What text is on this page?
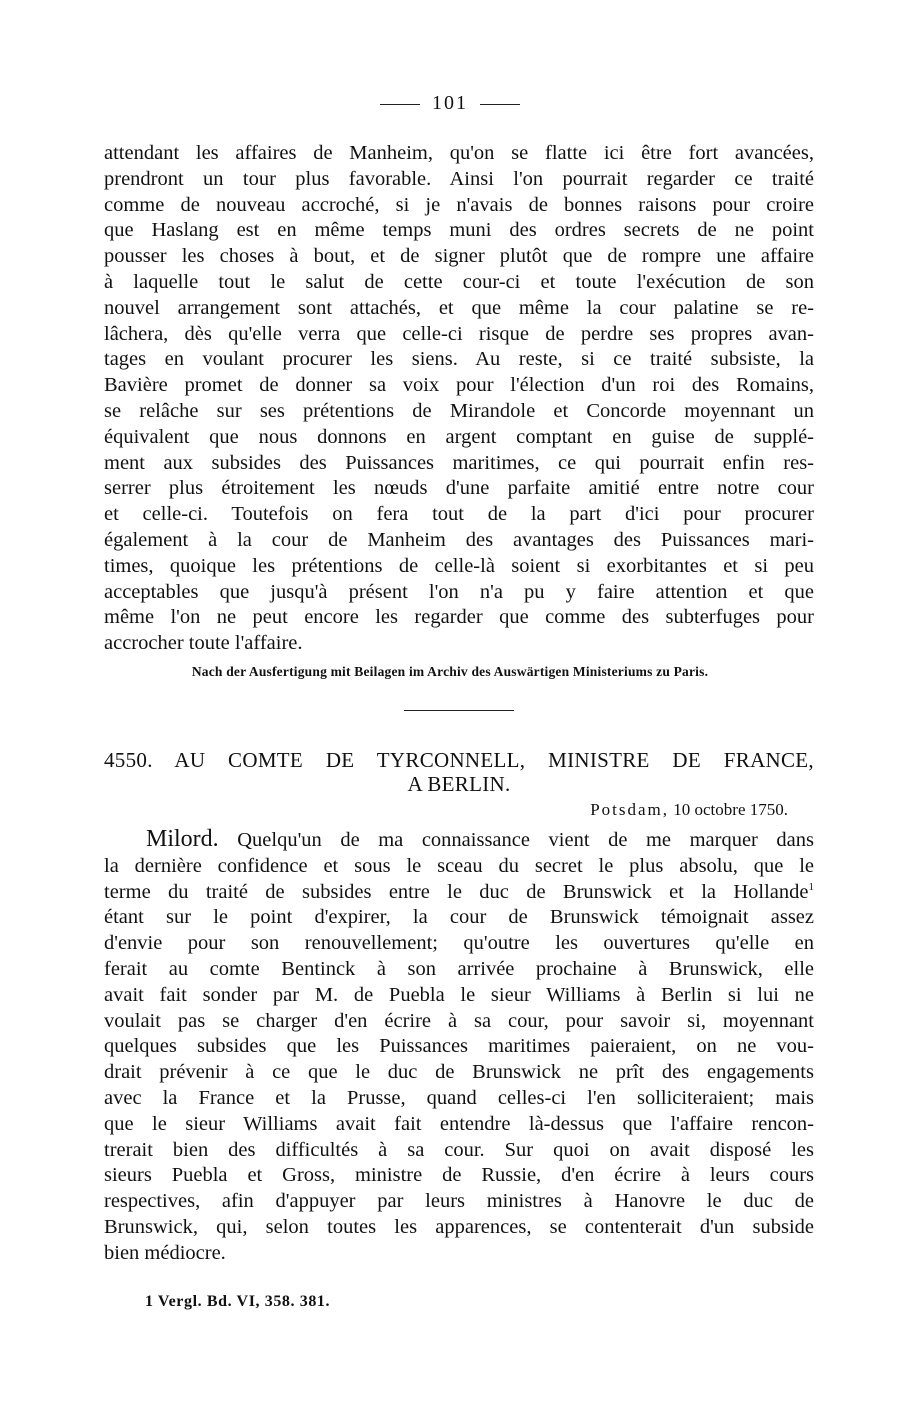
101
attendant les affaires de Manheim, qu'on se flatte ici être fort avancées,
prendront un tour plus favorable. Ainsi l'on pourrait regarder ce traité
comme de nouveau accroché, si je n'avais de bonnes raisons pour croire
que Haslang est en même temps muni des ordres secrets de ne point
pousser les choses à bout, et de signer plutôt que de rompre une affaire
à laquelle tout le salut de cette cour-ci et toute l'exécution de son
nouvel arrangement sont attachés, et que même la cour palatine se re-
lâchera, dès qu'elle verra que celle-ci risque de perdre ses propres avan-
tages en voulant procurer les siens. Au reste, si ce traité subsiste, la
Bavière promet de donner sa voix pour l'élection d'un roi des Romains,
se relâche sur ses prétentions de Mirandole et Concorde moyennant un
équivalent que nous donnons en argent comptant en guise de supplé-
ment aux subsides des Puissances maritimes, ce qui pourrait enfin res-
serrer plus étroitement les nœuds d'une parfaite amitié entre notre cour
et celle-ci. Toutefois on fera tout de la part d'ici pour procurer
également à la cour de Manheim des avantages des Puissances mari-
times, quoique les prétentions de celle-là soient si exorbitantes et si peu
acceptables que jusqu'à présent l'on n'a pu y faire attention et que
même l'on ne peut encore les regarder que comme des subterfuges pour
accrocher toute l'affaire.
Nach der Ausfertigung mit Beilagen im Archiv des Auswärtigen Ministeriums zu Paris.
4550. AU COMTE DE TYRCONNELL, MINISTRE DE FRANCE,
A BERLIN.
Potsdam, 10 octobre 1750.
Milord. Quelqu'un de ma connaissance vient de me marquer dans
la dernière confidence et sous le sceau du secret le plus absolu, que le
terme du traité de subsides entre le duc de Brunswick et la Hollande$^1$
étant sur le point d'expirer, la cour de Brunswick témoignait assez
d'envie pour son renouvellement; qu'outre les ouvertures qu'elle en
ferait au comte Bentinck à son arrivée prochaine à Brunswick, elle
avait fait sonder par M. de Puebla le sieur Williams à Berlin si lui ne
voulait pas se charger d'en écrire à sa cour, pour savoir si, moyennant
quelques subsides que les Puissances maritimes paieraient, on ne vou-
drait prévenir à ce que le duc de Brunswick ne prît des engagements
avec la France et la Prusse, quand celles-ci l'en solliciteraient; mais
que le sieur Williams avait fait entendre là-dessus que l'affaire rencon-
trerait bien des difficultés à sa cour. Sur quoi on avait disposé les
sieurs Puebla et Gross, ministre de Russie, d'en écrire à leurs cours
respectives, afin d'appuyer par leurs ministres à Hanovre le duc de
Brunswick, qui, selon toutes les apparences, se contenterait d'un subside
bien médiocre.
1 Vergl. Bd. VI, 358. 381.
